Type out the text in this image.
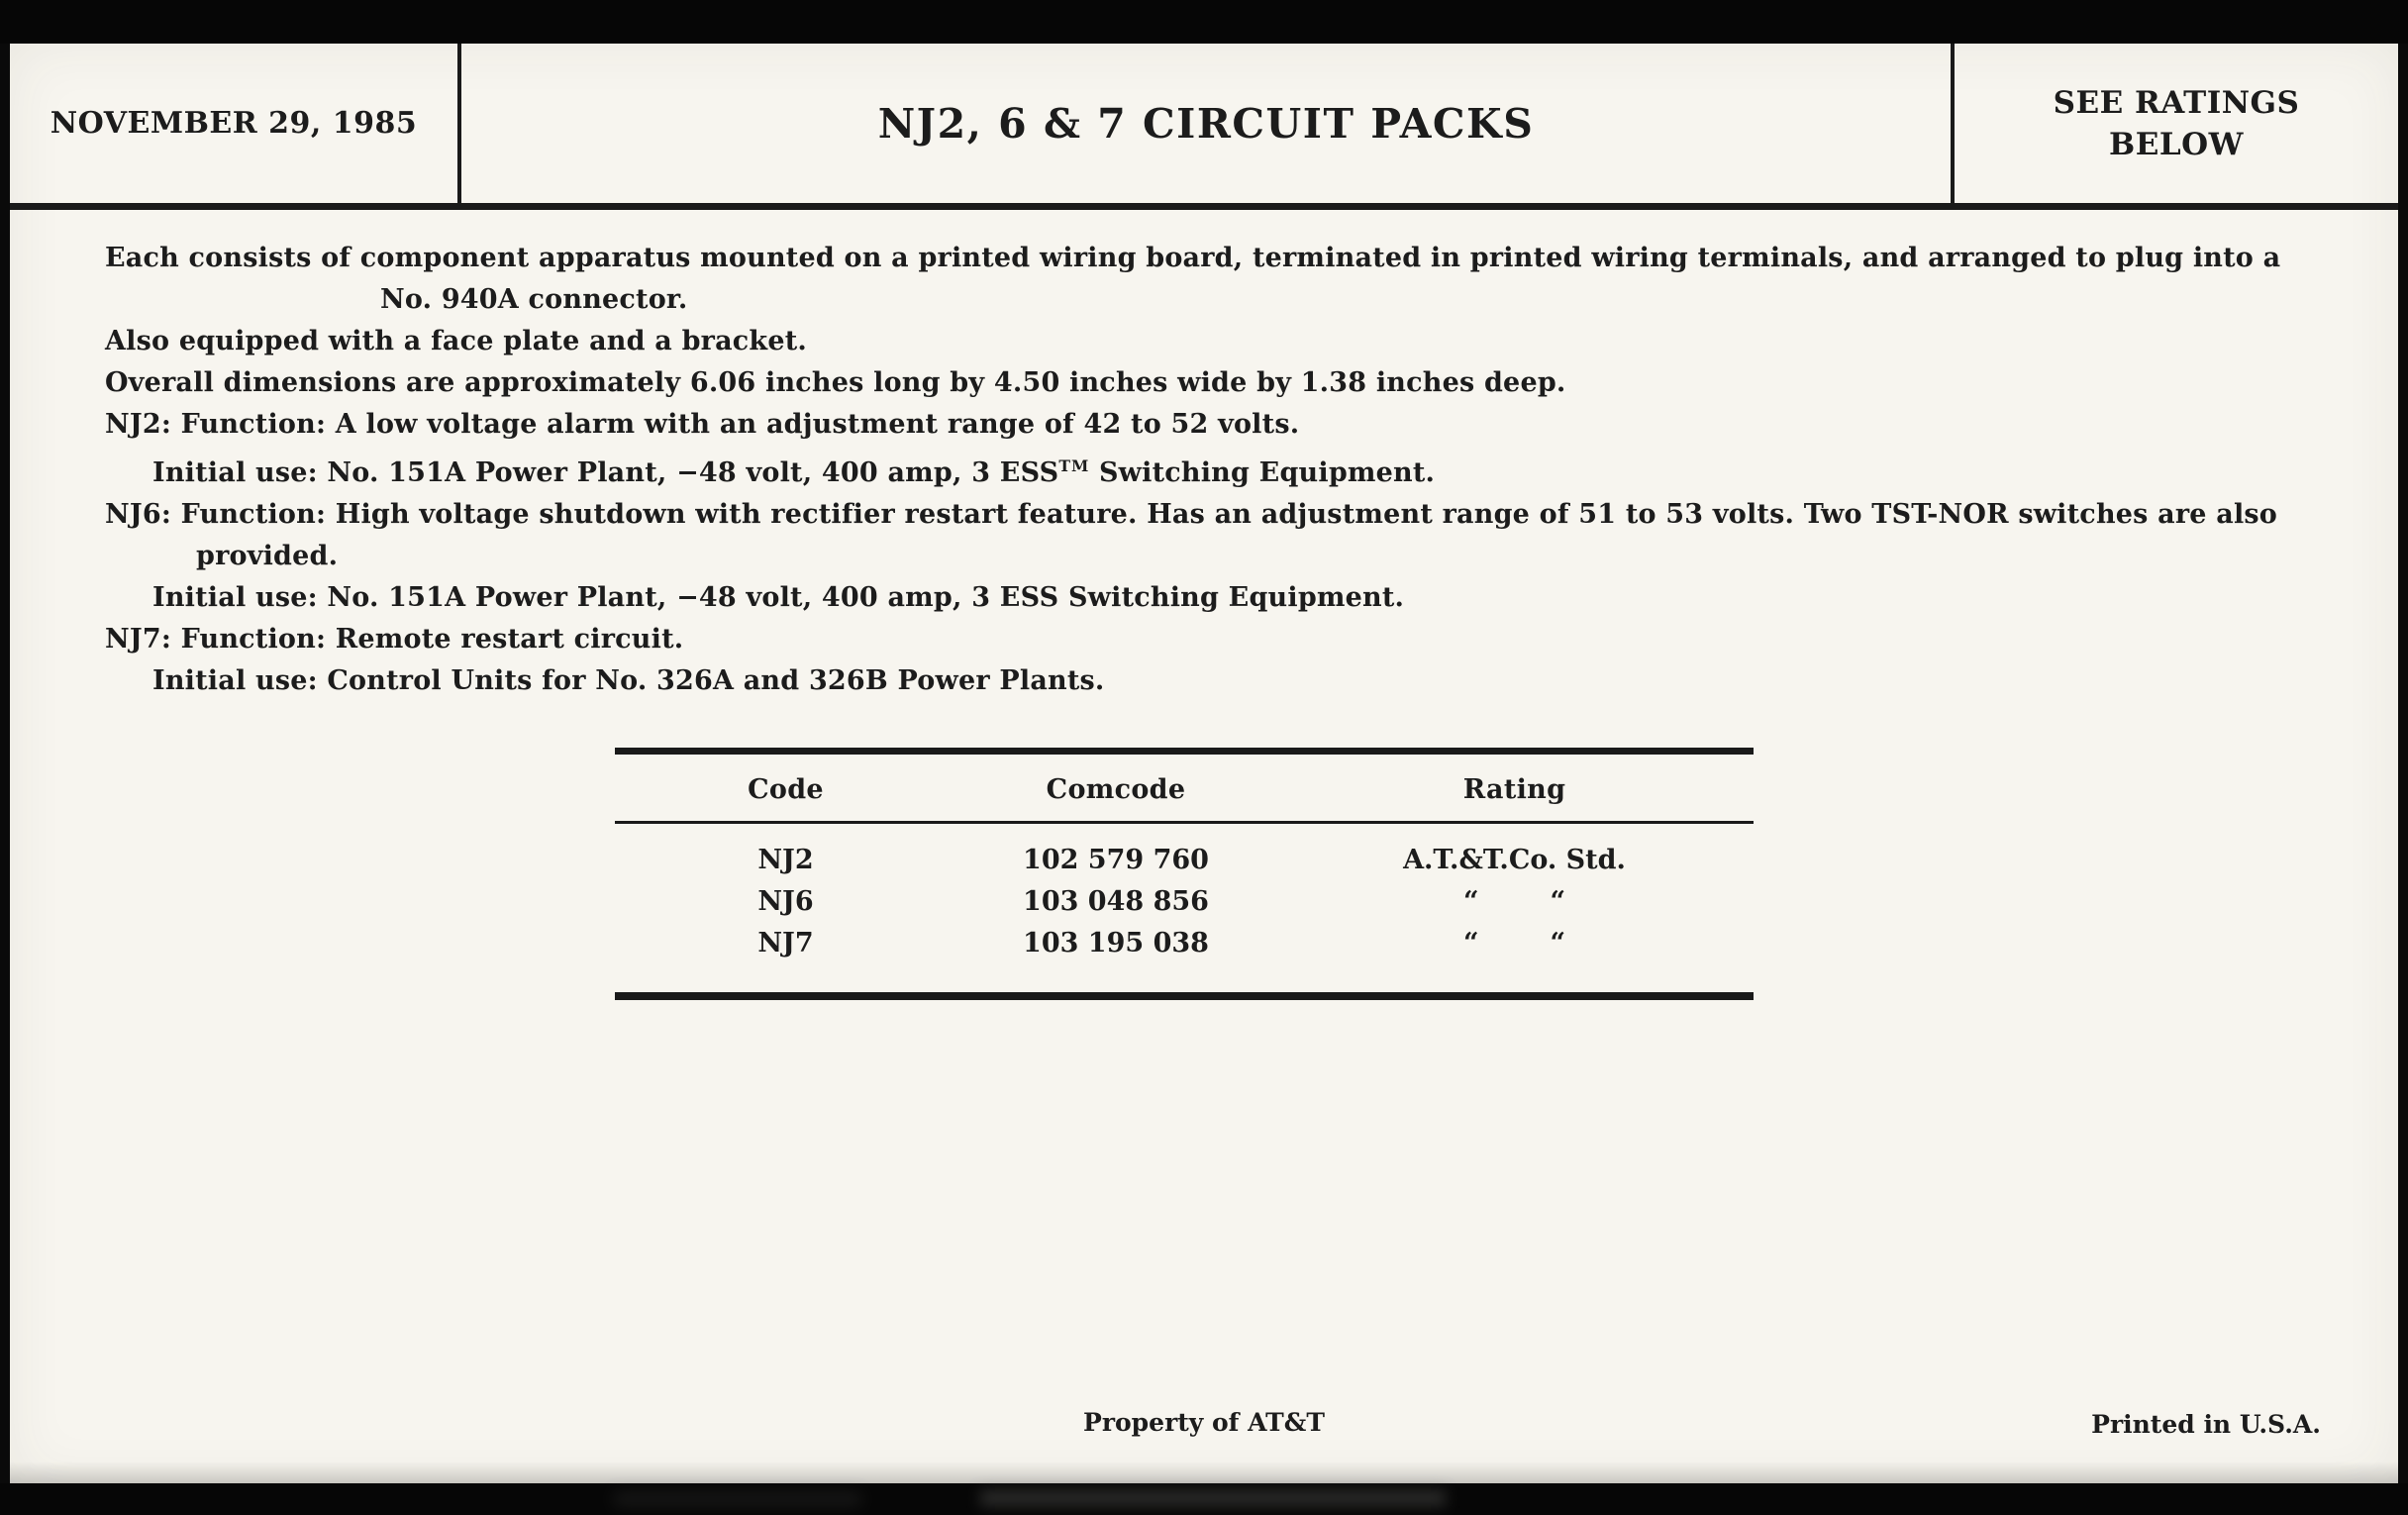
NOVEMBER 29, 1985	NJ2, 6 & 7 CIRCUIT PACKS	SEE RATINGS
BELOW

Each consists of component apparatus mounted on a printed wiring board, terminated in printed wiring terminals, and arranged to plug into a

No. 940A connector.

Also equipped with a face plate and a bracket.

Overall dimensions are approximately 6.06 inches long by 4.50 inches wide by 1.38 inches deep.

NJ2: Function: A low voltage alarm with an adjustment range of 42 to 52 volts.

Initial use: No. 151A Power Plant, −48 volt, 400 amp, 3 ESS™ Switching Equipment.

NJ6: Function: High voltage shutdown with rectifier restart feature. Has an adjustment range of 51 to 53 volts. Two TST-NOR switches are also

provided.

Initial use: No. 151A Power Plant, −48 volt, 400 amp, 3 ESS Switching Equipment.

NJ7: Function: Remote restart circuit.

Initial use: Control Units for No. 326A and 326B Power Plants.

Code	Comcode	Rating
NJ2	102 579 760	A.T.&T.Co. Std.
NJ6	103 048 856	“ “
NJ7	103 195 038	“ “
Property of AT&T	Printed in U.S.A.
